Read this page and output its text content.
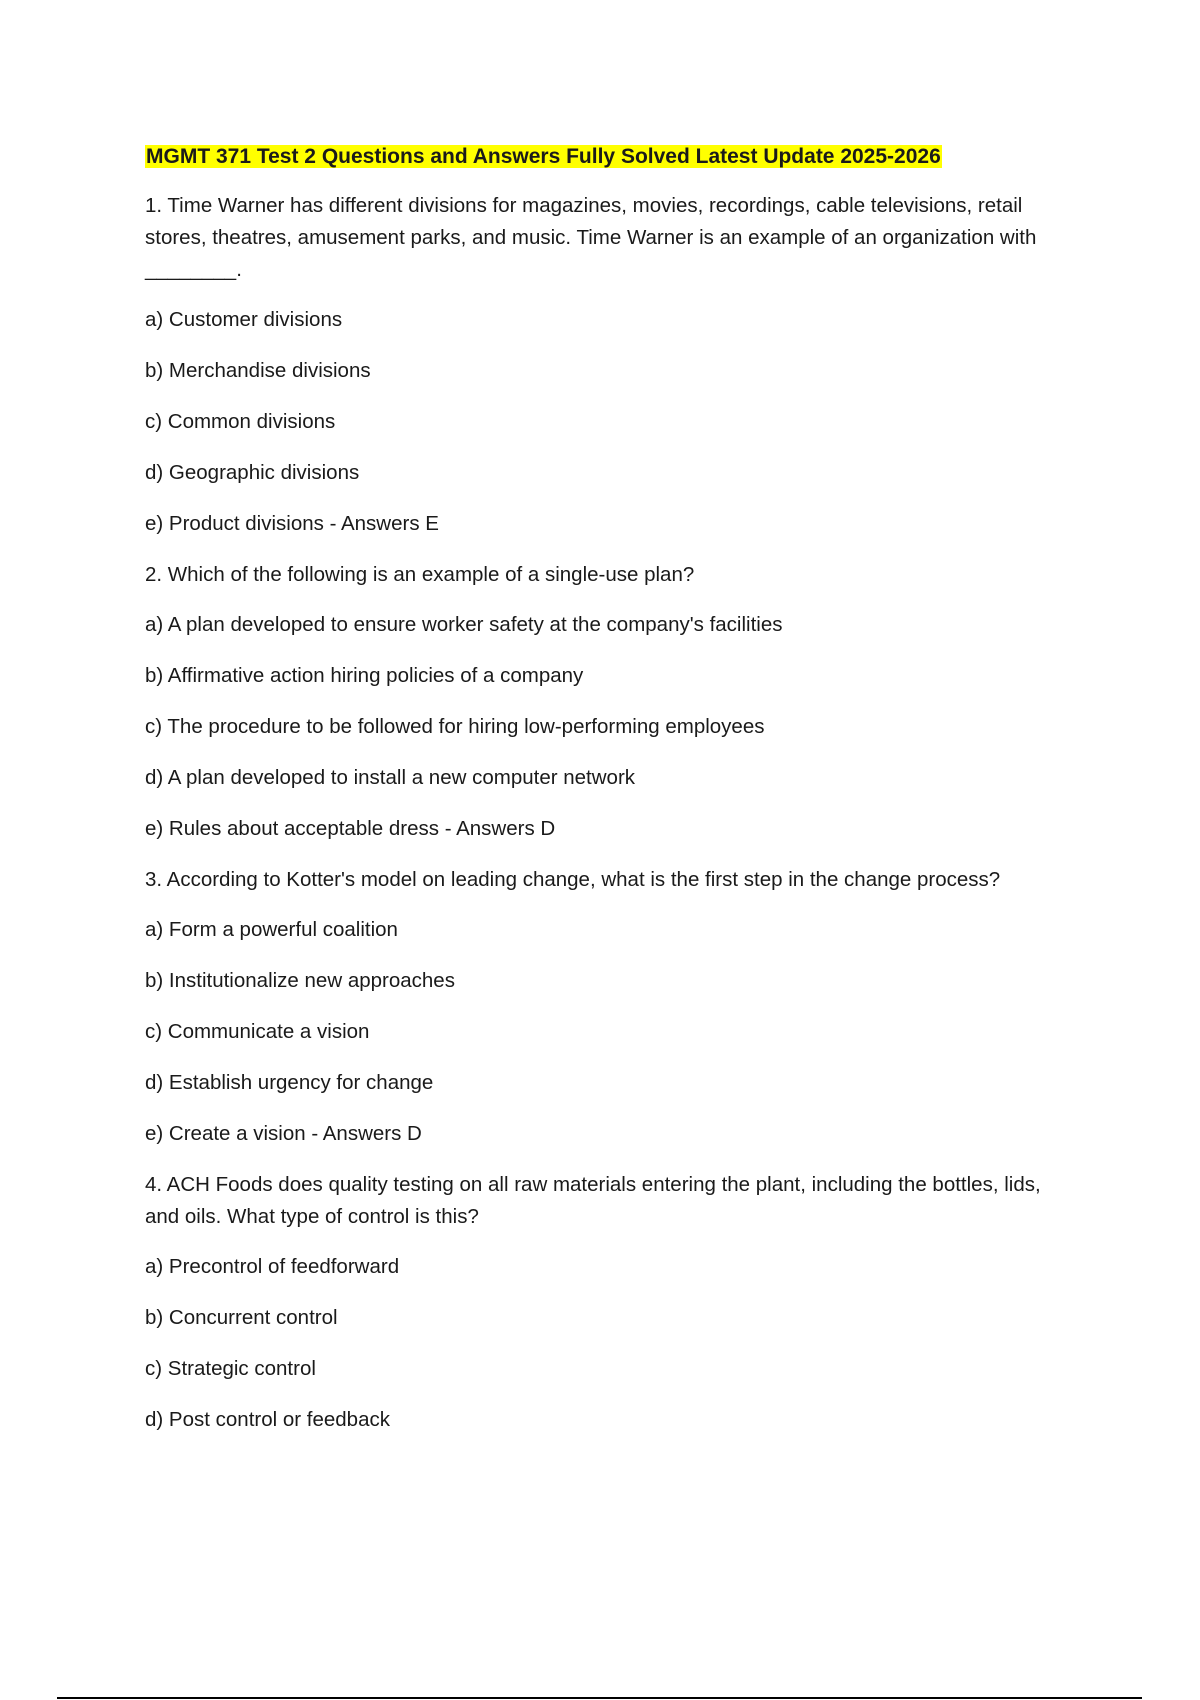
MGMT 371 Test 2 Questions and Answers Fully Solved Latest Update 2025-2026
1. Time Warner has different divisions for magazines, movies, recordings, cable televisions, retail stores, theatres, amusement parks, and music. Time Warner is an example of an organization with ________.
a) Customer divisions
b) Merchandise divisions
c) Common divisions
d) Geographic divisions
e) Product divisions - Answers E
2. Which of the following is an example of a single-use plan?
a) A plan developed to ensure worker safety at the company's facilities
b) Affirmative action hiring policies of a company
c) The procedure to be followed for hiring low-performing employees
d) A plan developed to install a new computer network
e) Rules about acceptable dress - Answers D
3. According to Kotter's model on leading change, what is the first step in the change process?
a) Form a powerful coalition
b) Institutionalize new approaches
c) Communicate a vision
d) Establish urgency for change
e) Create a vision - Answers D
4. ACH Foods does quality testing on all raw materials entering the plant, including the bottles, lids, and oils. What type of control is this?
a) Precontrol of feedforward
b) Concurrent control
c) Strategic control
d) Post control or feedback
